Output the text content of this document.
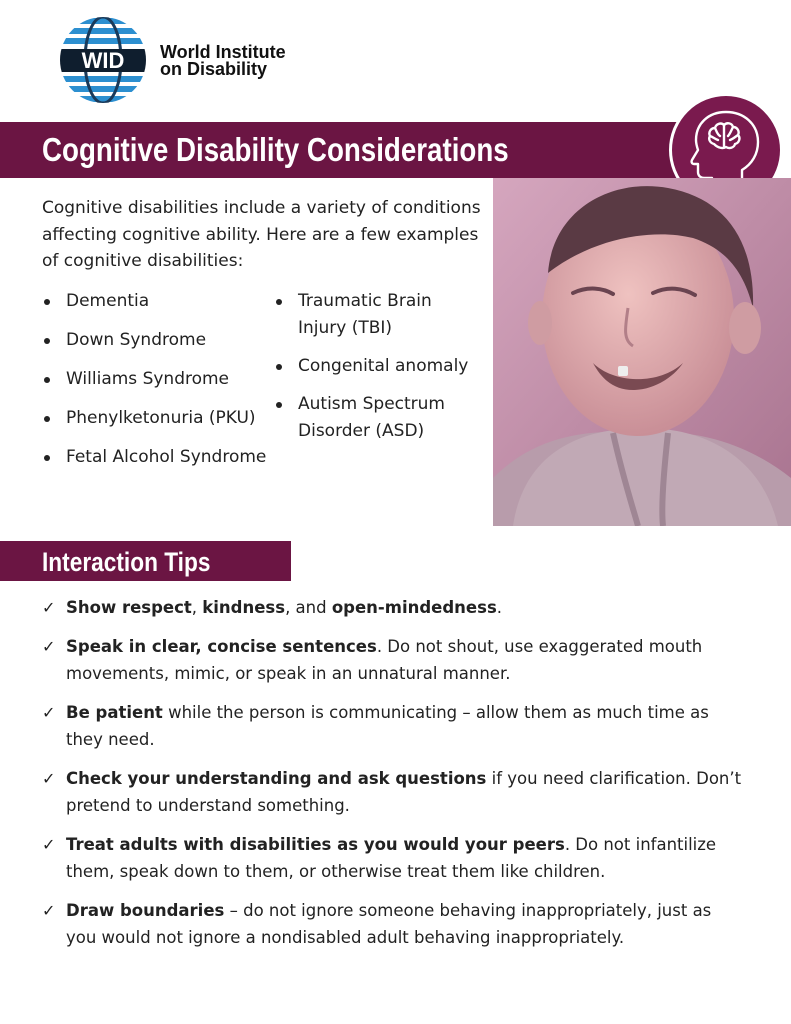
WID World Institute
on Disability
Cognitive Disability Considerations

Cognitive disabilities include a variety of conditions affecting cognitive ability. Here are a few examples of cognitive disabilities:

Dementia
Down Syndrome
Williams Syndrome
Phenylketonuria (PKU)
Fetal Alcohol Syndrome
Traumatic Brain Injury (TBI)
Congenital anomaly
Autism Spectrum Disorder (ASD)
Interaction Tips
✓ Show respect, kindness, and open-mindedness.
✓ Speak in clear, concise sentences. Do not shout, use exaggerated mouth movements, mimic, or speak in an unnatural manner.
✓ Be patient while the person is communicating – allow them as much time as they need.
✓ Check your understanding and ask questions if you need clarification. Don’t pretend to understand something.
✓ Treat adults with disabilities as you would your peers. Do not infantilize them, speak down to them, or otherwise treat them like children.
✓ Draw boundaries – do not ignore someone behaving inappropriately, just as you would not ignore a nondisabled adult behaving inappropriately.
